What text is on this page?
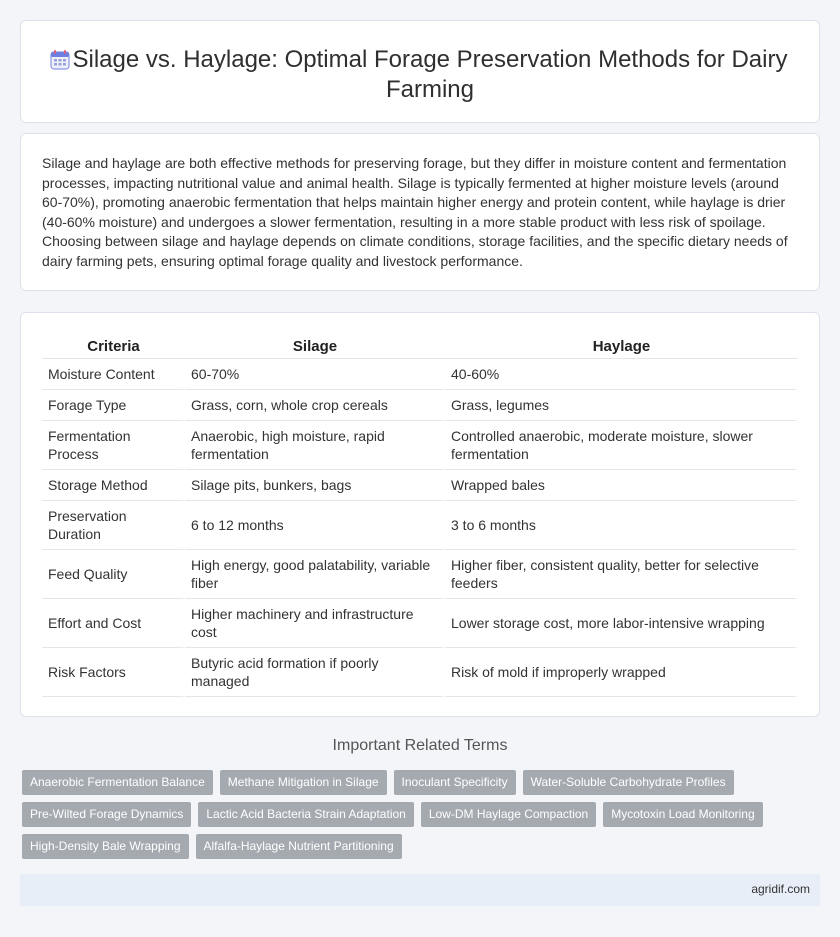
Silage vs. Haylage: Optimal Forage Preservation Methods for Dairy Farming

Silage and haylage are both effective methods for preserving forage, but they differ in moisture content and fermentation processes, impacting nutritional value and animal health. Silage is typically fermented at higher moisture levels (around 60-70%), promoting anaerobic fermentation that helps maintain higher energy and protein content, while haylage is drier (40-60% moisture) and undergoes a slower fermentation, resulting in a more stable product with less risk of spoilage. Choosing between silage and haylage depends on climate conditions, storage facilities, and the specific dietary needs of dairy farming pets, ensuring optimal forage quality and livestock performance.

Criteria	Silage	Haylage
Moisture Content	60-70%	40-60%
Forage Type	Grass, corn, whole crop cereals	Grass, legumes
Fermentation Process	Anaerobic, high moisture, rapid fermentation	Controlled anaerobic, moderate moisture, slower fermentation
Storage Method	Silage pits, bunkers, bags	Wrapped bales
Preservation Duration	6 to 12 months	3 to 6 months
Feed Quality	High energy, good palatability, variable fiber	Higher fiber, consistent quality, better for selective feeders
Effort and Cost	Higher machinery and infrastructure cost	Lower storage cost, more labor-intensive wrapping
Risk Factors	Butyric acid formation if poorly managed	Risk of mold if improperly wrapped
Important Related Terms
Anaerobic Fermentation Balance	Methane Mitigation in Silage	Inoculant Specificity	Water-Soluble Carbohydrate Profiles
Pre-Wilted Forage Dynamics	Lactic Acid Bacteria Strain Adaptation	Low-DM Haylage Compaction	Mycotoxin Load Monitoring
High-Density Bale Wrapping	Alfalfa-Haylage Nutrient Partitioning
agridif.com
